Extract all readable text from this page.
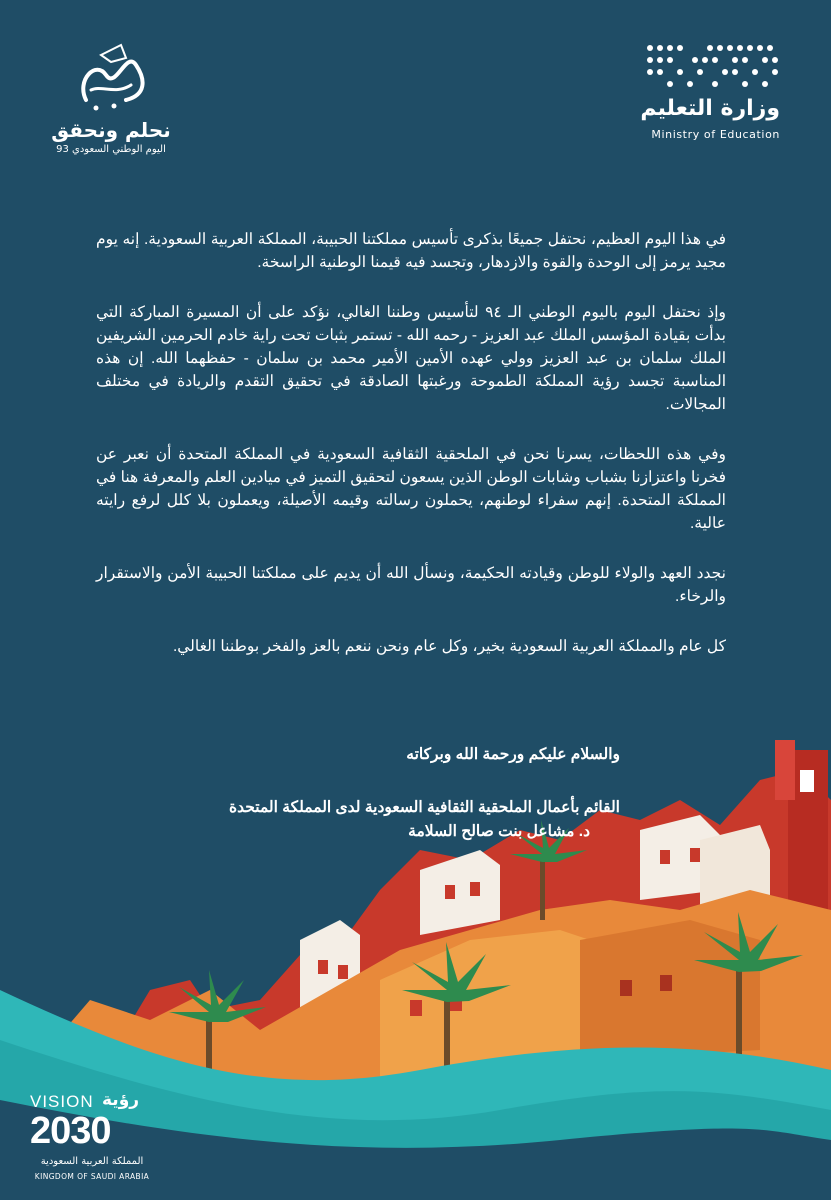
نحلم ونحقق
اليوم الوطني السعودي 93
وزارة التعليم
Ministry of Education

في هذا اليوم العظيم، نحتفل جميعًا بذكرى تأسيس مملكتنا الحبيبة، المملكة العربية السعودية. إنه يوم مجيد يرمز إلى الوحدة والقوة والازدهار، وتجسد فيه قيمنا الوطنية الراسخة.

وإذ نحتفل اليوم باليوم الوطني الـ ٩٤ لتأسيس وطننا الغالي، نؤكد على أن المسيرة المباركة التي بدأت بقيادة المؤسس الملك عبد العزيز - رحمه الله - تستمر بثبات تحت راية خادم الحرمين الشريفين الملك سلمان بن عبد العزيز وولي عهده الأمين الأمير محمد بن سلمان - حفظهما الله. إن هذه المناسبة تجسد رؤية المملكة الطموحة ورغبتها الصادقة في تحقيق التقدم والريادة في مختلف المجالات.

وفي هذه اللحظات، يسرنا نحن في الملحقية الثقافية السعودية في المملكة المتحدة أن نعبر عن فخرنا واعتزازنا بشباب وشابات الوطن الذين يسعون لتحقيق التميز في ميادين العلم والمعرفة هنا في المملكة المتحدة. إنهم سفراء لوطنهم، يحملون رسالته وقيمه الأصيلة، ويعملون بلا كلل لرفع رايته عالية.

نجدد العهد والولاء للوطن وقيادته الحكيمة، ونسأل الله أن يديم على مملكتنا الحبيبة الأمن والاستقرار والرخاء.

كل عام والمملكة العربية السعودية بخير، وكل عام ونحن ننعم بالعز والفخر بوطننا الغالي.

والسلام عليكم ورحمة الله وبركاته
القائم بأعمال الملحقية الثقافية السعودية لدى المملكة المتحدة
د. مشاعل بنت صالح السلامة
VISION رؤية
2030
المملكة العربية السعودية
KINGDOM OF SAUDI ARABIA
